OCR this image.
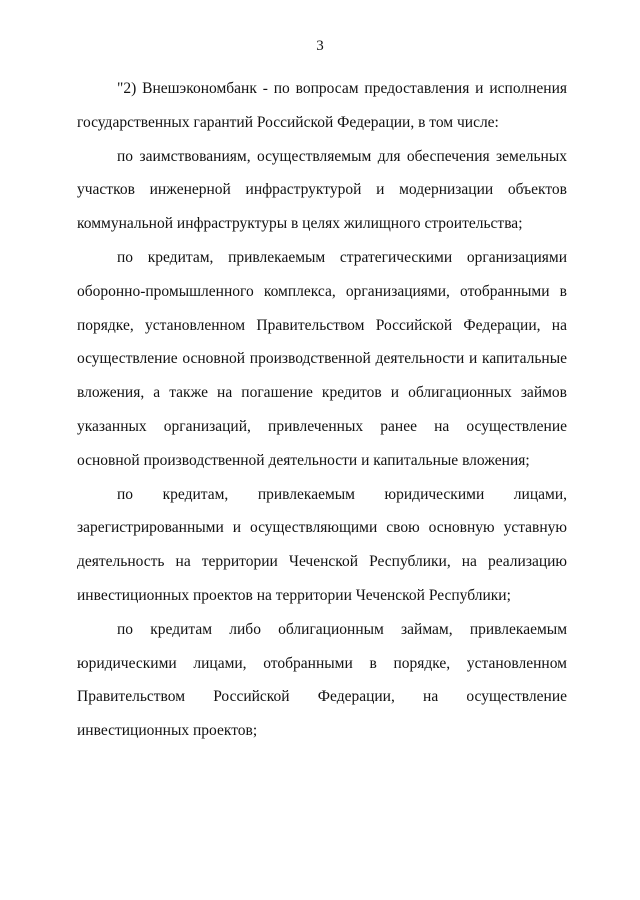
3

"2) Внешэкономбанк - по вопросам предоставления и исполнения государственных гарантий Российской Федерации, в том числе:

по заимствованиям, осуществляемым для обеспечения земельных участков инженерной инфраструктурой и модернизации объектов коммунальной инфраструктуры в целях жилищного строительства;

по кредитам, привлекаемым стратегическими организациями оборонно-промышленного комплекса, организациями, отобранными в порядке, установленном Правительством Российской Федерации, на осуществление основной производственной деятельности и капитальные вложения, а также на погашение кредитов и облигационных займов указанных организаций, привлеченных ранее на осуществление основной производственной деятельности и капитальные вложения;

по кредитам, привлекаемым юридическими лицами, зарегистрированными и осуществляющими свою основную уставную деятельность на территории Чеченской Республики, на реализацию инвестиционных проектов на территории Чеченской Республики;

по кредитам либо облигационным займам, привлекаемым юридическими лицами, отобранными в порядке, установленном Правительством Российской Федерации, на осуществление инвестиционных проектов;
